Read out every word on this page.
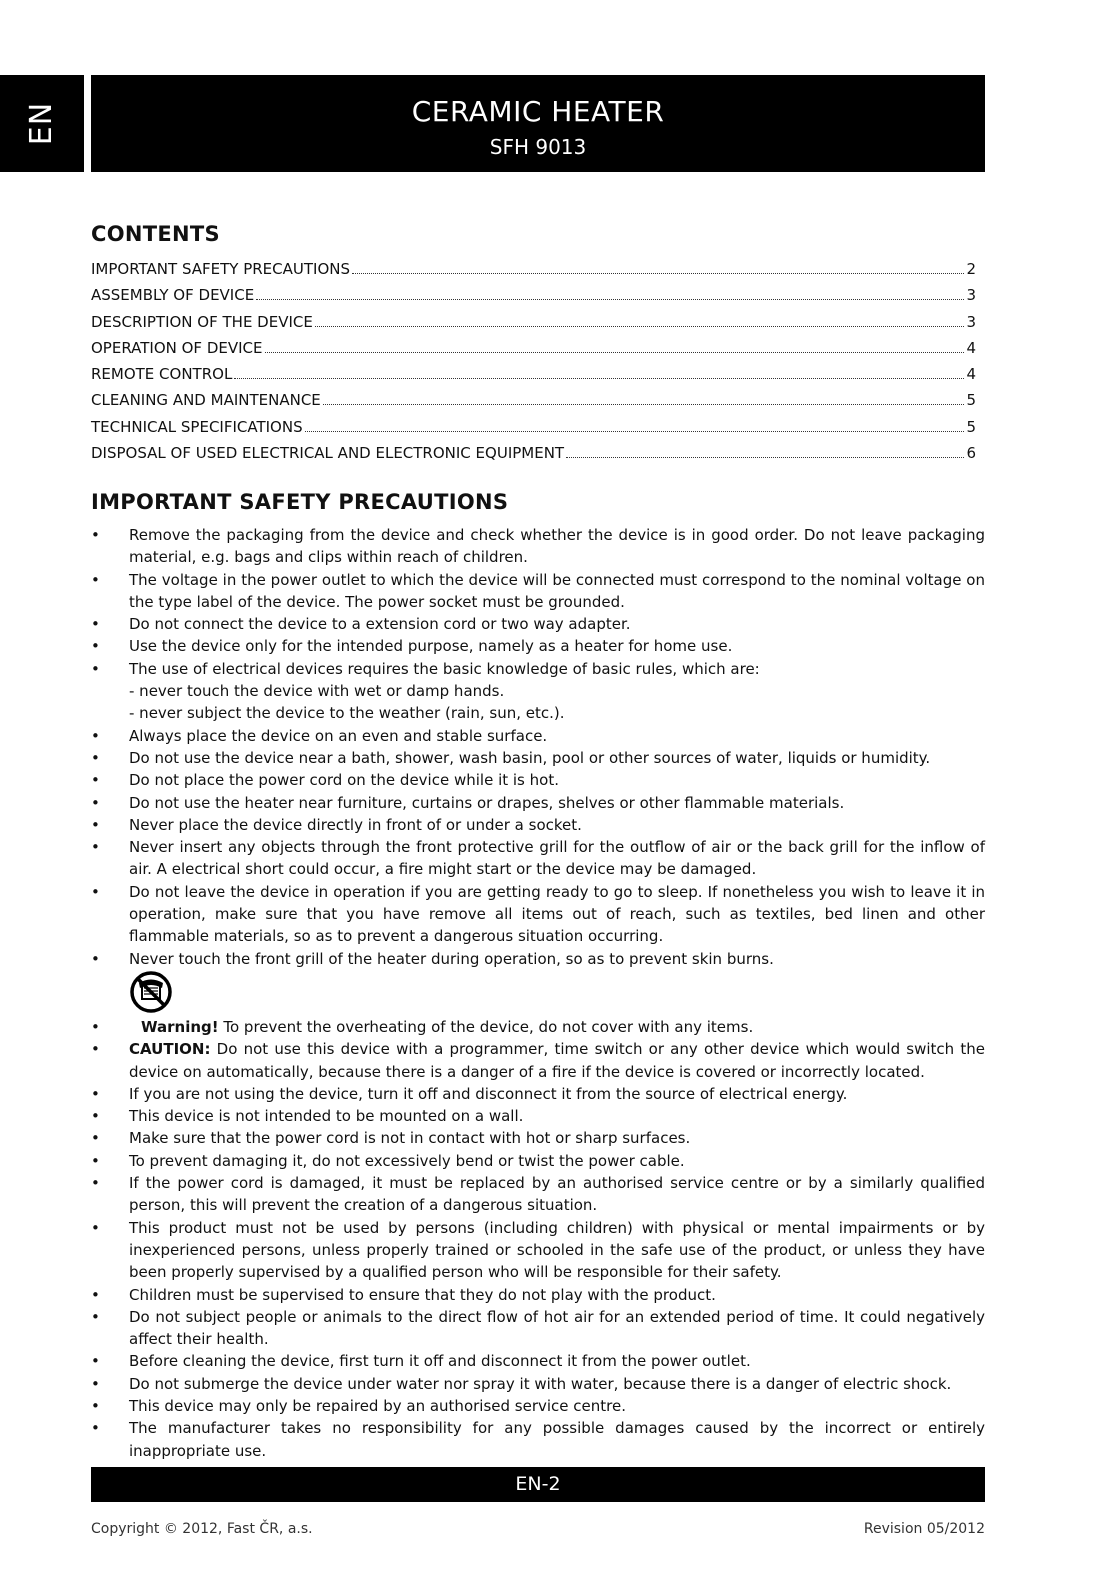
EN	CERAMIC HEATER
SFH 9013
CONTENTS
IMPORTANT SAFETY PRECAUTIONS	2
ASSEMBLY OF DEVICE	3
DESCRIPTION OF THE DEVICE	3
OPERATION OF DEVICE	4
REMOTE CONTROL	4
CLEANING AND MAINTENANCE	5
TECHNICAL SPECIFICATIONS	5
DISPOSAL OF USED ELECTRICAL AND ELECTRONIC EQUIPMENT	6
IMPORTANT SAFETY PRECAUTIONS
• Remove the packaging from the device and check whether the device is in good order. Do not leave packaging material, e.g. bags and clips within reach of children.
• The voltage in the power outlet to which the device will be connected must correspond to the nominal voltage on the type label of the device. The power socket must be grounded.
• Do not connect the device to a extension cord or two way adapter.
• Use the device only for the intended purpose, namely as a heater for home use.
• The use of electrical devices requires the basic knowledge of basic rules, which are:
- never touch the device with wet or damp hands.
- never subject the device to the weather (rain, sun, etc.).
• Always place the device on an even and stable surface.
• Do not use the device near a bath, shower, wash basin, pool or other sources of water, liquids or humidity.
• Do not place the power cord on the device while it is hot.
• Do not use the heater near furniture, curtains or drapes, shelves or other flammable materials.
• Never place the device directly in front of or under a socket.
• Never insert any objects through the front protective grill for the outflow of air or the back grill for the inflow of air. A electrical short could occur, a fire might start or the device may be damaged.
• Do not leave the device in operation if you are getting ready to go to sleep. If nonetheless you wish to leave it in operation, make sure that you have remove all items out of reach, such as textiles, bed linen and other flammable materials, so as to prevent a dangerous situation occurring.
• Never touch the front grill of the heater during operation, so as to prevent skin burns.
•	Warning! To prevent the overheating of the device, do not cover with any items.
• CAUTION: Do not use this device with a programmer, time switch or any other device which would switch the device on automatically, because there is a danger of a fire if the device is covered or incorrectly located.
• If you are not using the device, turn it off and disconnect it from the source of electrical energy.
• This device is not intended to be mounted on a wall.
• Make sure that the power cord is not in contact with hot or sharp surfaces.
• To prevent damaging it, do not excessively bend or twist the power cable.
• If the power cord is damaged, it must be replaced by an authorised service centre or by a similarly qualified person, this will prevent the creation of a dangerous situation.
• This product must not be used by persons (including children) with physical or mental impairments or by inexperienced persons, unless properly trained or schooled in the safe use of the product, or unless they have been properly supervised by a qualified person who will be responsible for their safety.
• Children must be supervised to ensure that they do not play with the product.
• Do not subject people or animals to the direct flow of hot air for an extended period of time. It could negatively affect their health.
• Before cleaning the device, first turn it off and disconnect it from the power outlet.
• Do not submerge the device under water nor spray it with water, because there is a danger of electric shock.
• This device may only be repaired by an authorised service centre.
• The manufacturer takes no responsibility for any possible damages caused by the incorrect or entirely inappropriate use.
EN-2
Copyright © 2012, Fast ČR, a.s.	Revision 05/2012
